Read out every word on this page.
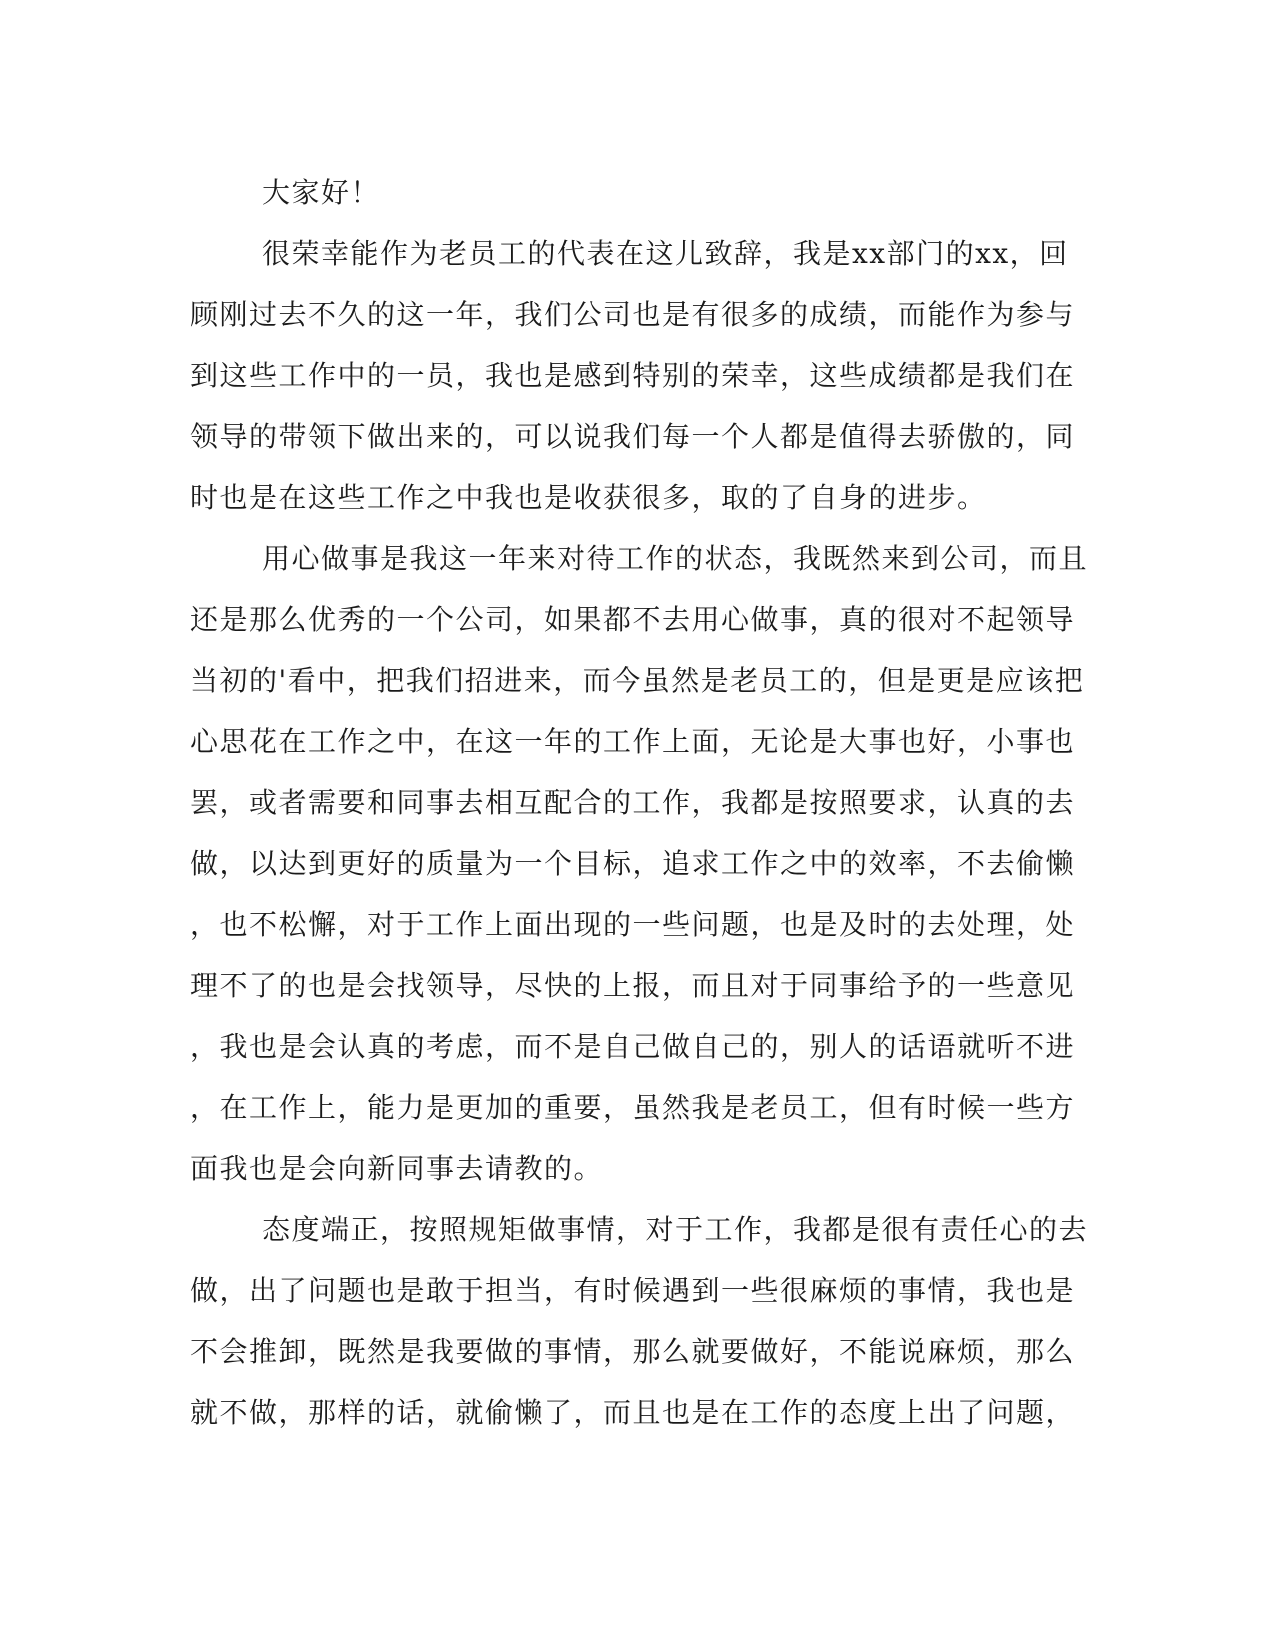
大家好！
很荣幸能作为老员工的代表在这儿致辞，我是xx部门的xx，回
顾刚过去不久的这一年，我们公司也是有很多的成绩，而能作为参与
到这些工作中的一员，我也是感到特别的荣幸，这些成绩都是我们在
领导的带领下做出来的，可以说我们每一个人都是值得去骄傲的，同
时也是在这些工作之中我也是收获很多，取的了自身的进步。
用心做事是我这一年来对待工作的状态，我既然来到公司，而且
还是那么优秀的一个公司，如果都不去用心做事，真的很对不起领导
当初的'看中，把我们招进来，而今虽然是老员工的，但是更是应该把
心思花在工作之中，在这一年的工作上面，无论是大事也好，小事也
罢，或者需要和同事去相互配合的工作，我都是按照要求，认真的去
做，以达到更好的质量为一个目标，追求工作之中的效率，不去偷懒
，也不松懈，对于工作上面出现的一些问题，也是及时的去处理，处
理不了的也是会找领导，尽快的上报，而且对于同事给予的一些意见
，我也是会认真的考虑，而不是自己做自己的，别人的话语就听不进
，在工作上，能力是更加的重要，虽然我是老员工，但有时候一些方
面我也是会向新同事去请教的。
态度端正，按照规矩做事情，对于工作，我都是很有责任心的去
做，出了问题也是敢于担当，有时候遇到一些很麻烦的事情，我也是
不会推卸，既然是我要做的事情，那么就要做好，不能说麻烦，那么
就不做，那样的话，就偷懒了，而且也是在工作的态度上出了问题，
